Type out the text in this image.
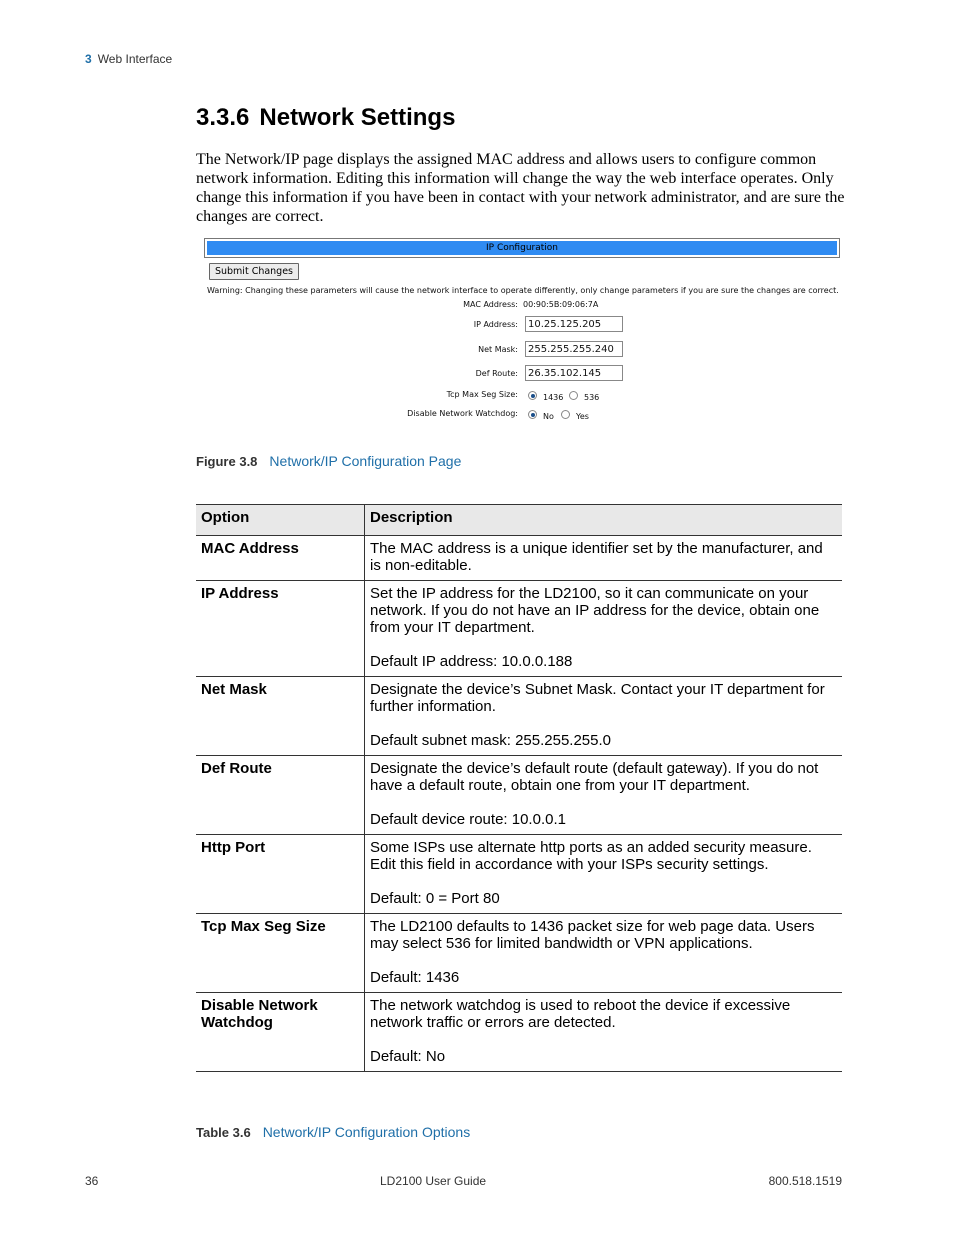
3 Web Interface
3.3.6 Network Settings
The Network/IP page displays the assigned MAC address and allows users to configure common network information. Editing this information will change the way the web interface operates. Only change this information if you have been in contact with your network administrator, and are sure the changes are correct.
IP Configuration
Submit Changes
Warning: Changing these parameters will cause the network interface to operate differently, only change parameters if you are sure the changes are correct.
MAC Address: 00:90:5B:09:06:7A
IP Address:	10.25.125.205
Net Mask:	255.255.255.240
Def Route:	26.35.102.145
Tcp Max Seg Size:	1436	536
Disable Network Watchdog:	No	Yes
Figure 3.8 Network/IP Configuration Page
Option	Description
MAC Address	The MAC address is a unique identifier set by the manufacturer, and is non-editable.

IP Address	Set the IP address for the LD2100, so it can communicate on your network. If you do not have an IP address for the device, obtain one from your IT department.
Default IP address: 10.0.0.188

Net Mask	Designate the device’s Subnet Mask. Contact your IT department for further information.
Default subnet mask: 255.255.255.0

Def Route	Designate the device’s default route (default gateway). If you do not have a default route, obtain one from your IT department.
Default device route: 10.0.0.1

Http Port	Some ISPs use alternate http ports as an added security measure. Edit this field in accordance with your ISPs security settings.
Default: 0 = Port 80

Tcp Max Seg Size	The LD2100 defaults to 1436 packet size for web page data. Users may select 536 for limited bandwidth or VPN applications.
Default: 1436

Disable Network Watchdog	The network watchdog is used to reboot the device if excessive network traffic or errors are detected.
Default: No
Table 3.6 Network/IP Configuration Options
36	LD2100 User Guide	800.518.1519
